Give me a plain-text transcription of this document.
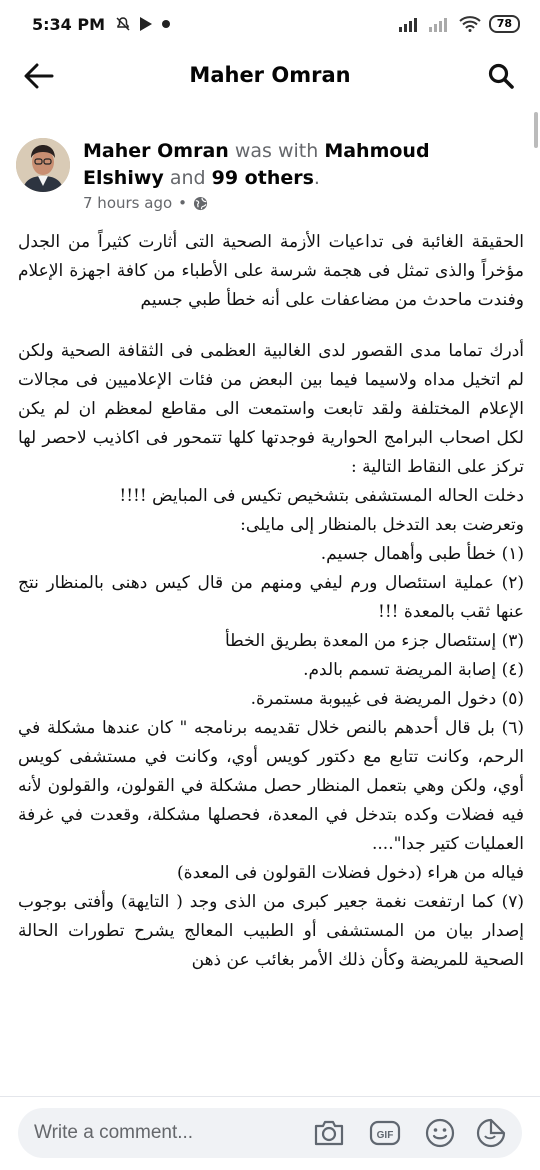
5:34 PM	78
Maher Omran
Maher Omran was with Mahmoud
Elshiwy and 99 others.
7 hours ago •

الحقيقة الغائبة فى تداعيات الأزمة الصحية التى أثارت كثيراً من الجدل مؤخراً والذى تمثل فى هجمة شرسة على الأطباء من كافة اجهزة الإعلام وفندت ماحدث من مضاعفات على أنه خطأ طبي جسيم

أدرك تماما مدى القصور لدى الغالبية العظمى فى الثقافة الصحية ولكن لم اتخيل مداه ولاسيما فيما بين البعض من فئات الإعلاميين فى مجالات الإعلام المختلفة ولقد تابعت واستمعت الى مقاطع لمعظم ان لم يكن لكل اصحاب البرامج الحوارية فوجدتها كلها تتمحور فى اكاذيب لاحصر لها تركز على النقاط التالية :

دخلت الحاله المستشفى بتشخيص تكيس فى المبايض !!!!

وتعرضت بعد التدخل بالمنظار إلى مايلى:

(١) خطأ طبى وأهمال جسيم.

(٢) عملية استئصال ورم ليفي ومنهم من قال كيس دهنى بالمنظار نتج عنها ثقب بالمعدة !!!

(٣) إستئصال جزء من المعدة بطريق الخطأ

(٤) إصابة المريضة تسمم بالدم.

(٥) دخول المريضة فى غيبوبة مستمرة.

(٦) بل قال أحدهم بالنص خلال تقديمه برنامجه " كان عندها مشكلة في الرحم، وكانت تتابع مع دكتور كويس أوي، وكانت في مستشفى كويس أوي، ولكن وهي بتعمل المنظار حصل مشكلة في القولون، والقولون لأنه فيه فضلات وكده بتدخل في المعدة، فحصلها مشكلة، وقعدت في غرفة العمليات كتير جدا"....

فياله من هراء (دخول فضلات القولون فى المعدة)

(٧) كما ارتفعت نغمة جعير كبرى من الذى وجد ( التايهة) وأفتى بوجوب إصدار بيان من المستشفى أو الطبيب المعالج يشرح تطورات الحالة الصحية للمريضة وكأن ذلك الأمر بغائب عن ذهن

Write a comment...
GIF
